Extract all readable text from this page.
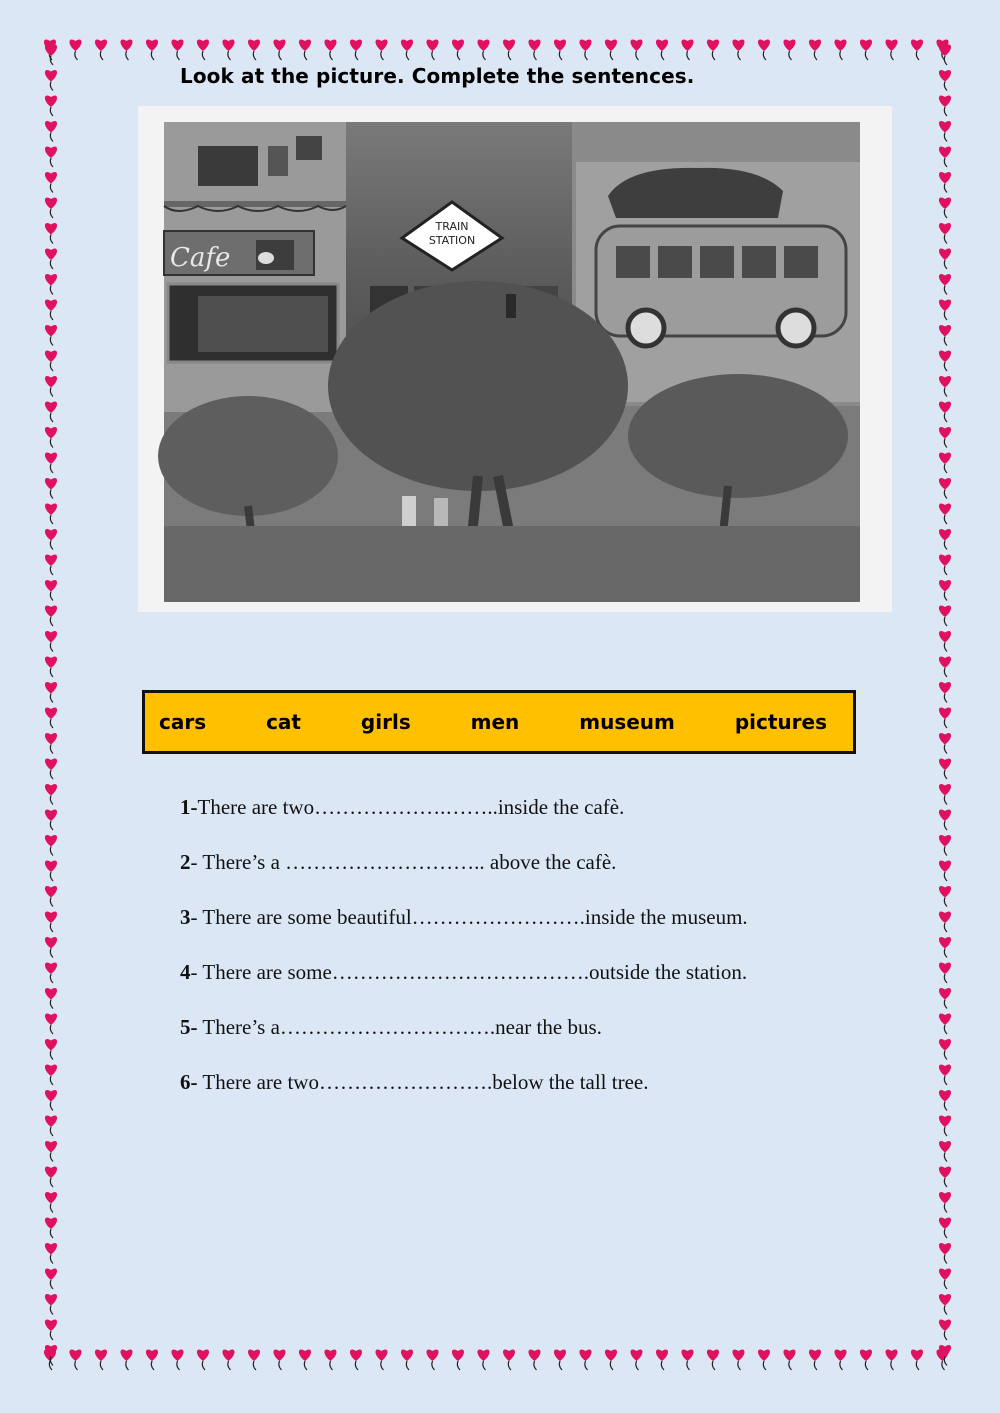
Look at the picture. Complete the sentences.
Cafe
TRAIN
STATION
cars	cat	girls	men	museum	pictures
1-There are two……………….……..inside the cafè.
2- There’s a ……………………….. above the cafè.
3- There are some beautiful…………………….inside the museum.
4- There are some……………………………….outside the station.
5- There’s a………………………….near the bus.
6- There are two…………………….below the tall tree.
